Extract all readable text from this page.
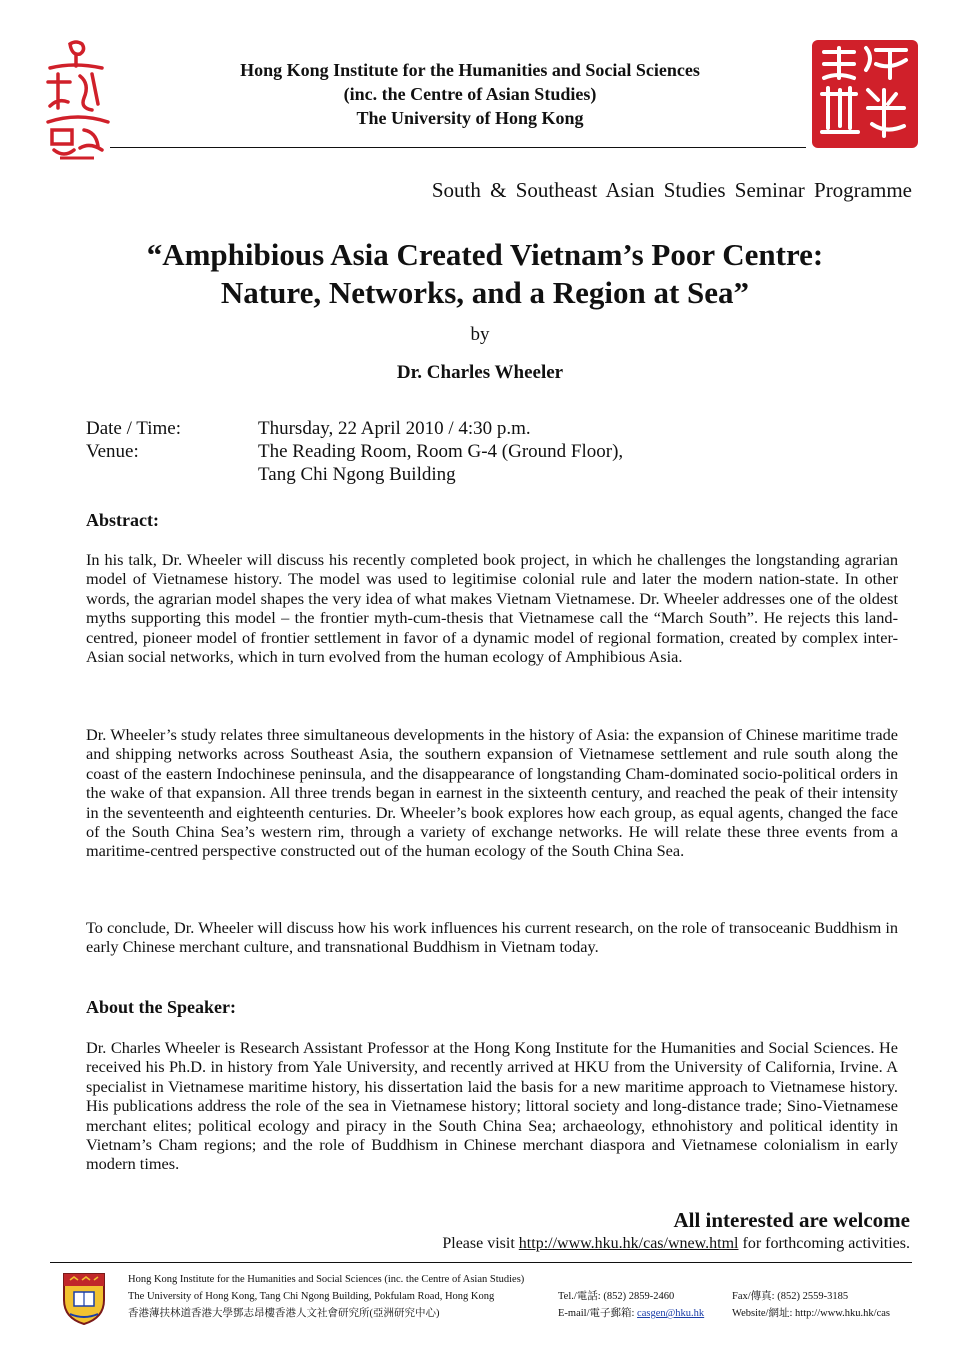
Hong Kong Institute for the Humanities and Social Sciences
(inc. the Centre of Asian Studies)
The University of Hong Kong
South & Southeast Asian Studies Seminar Programme
“Amphibious Asia Created Vietnam’s Poor Centre:
Nature, Networks, and a Region at Sea”
by
Dr. Charles Wheeler
Date / Time:	Thursday, 22 April 2010 / 4:30 p.m.
Venue:	The Reading Room, Room G-4 (Ground Floor),
Tang Chi Ngong Building
Abstract:

In his talk, Dr. Wheeler will discuss his recently completed book project, in which he challenges the longstanding agrarian model of Vietnamese history. The model was used to legitimise colonial rule and later the modern nation-state. In other words, the agrarian model shapes the very idea of what makes Vietnam Vietnamese. Dr. Wheeler addresses one of the oldest myths supporting this model – the frontier myth-cum-thesis that Vietnamese call the “March South”. He rejects this land-centred, pioneer model of frontier settlement in favor of a dynamic model of regional formation, created by complex inter-Asian social networks, which in turn evolved from the human ecology of Amphibious Asia.

Dr. Wheeler’s study relates three simultaneous developments in the history of Asia: the expansion of Chinese maritime trade and shipping networks across Southeast Asia, the southern expansion of Vietnamese settlement and rule south along the coast of the eastern Indochinese peninsula, and the disappearance of longstanding Cham-dominated socio-political orders in the wake of that expansion. All three trends began in earnest in the sixteenth century, and reached the peak of their intensity in the seventeenth and eighteenth centuries. Dr. Wheeler’s book explores how each group, as equal agents, changed the face of the South China Sea’s western rim, through a variety of exchange networks. He will relate these three events from a maritime-centred perspective constructed out of the human ecology of the South China Sea.

To conclude, Dr. Wheeler will discuss how his work influences his current research, on the role of transoceanic Buddhism in early Chinese merchant culture, and transnational Buddhism in Vietnam today.

About the Speaker:

Dr. Charles Wheeler is Research Assistant Professor at the Hong Kong Institute for the Humanities and Social Sciences. He received his Ph.D. in history from Yale University, and recently arrived at HKU from the University of California, Irvine. A specialist in Vietnamese maritime history, his dissertation laid the basis for a new maritime approach to Vietnamese history. His publications address the role of the sea in Vietnamese history; littoral society and long-distance trade; Sino-Vietnamese merchant elites; political ecology and piracy in the South China Sea; archaeology, ethnohistory and political identity in Vietnam’s Cham regions; and the role of Buddhism in Chinese merchant diaspora and Vietnamese colonialism in early modern times.

All interested are welcome
Please visit http://www.hku.hk/cas/wnew.html for forthcoming activities.
Hong Kong Institute for the Humanities and Social Sciences (inc. the Centre of Asian Studies)
The University of Hong Kong, Tang Chi Ngong Building, Pokfulam Road, Hong Kong
香港薄扶林道香港大學鄧志昂樓香港人文社會研究所(亞洲研究中心)
Tel./電話: (852) 2859-2460
E-mail/電子郵箱: casgen@hku.hk
Fax/傳真: (852) 2559-3185
Website/網址: http://www.hku.hk/cas
